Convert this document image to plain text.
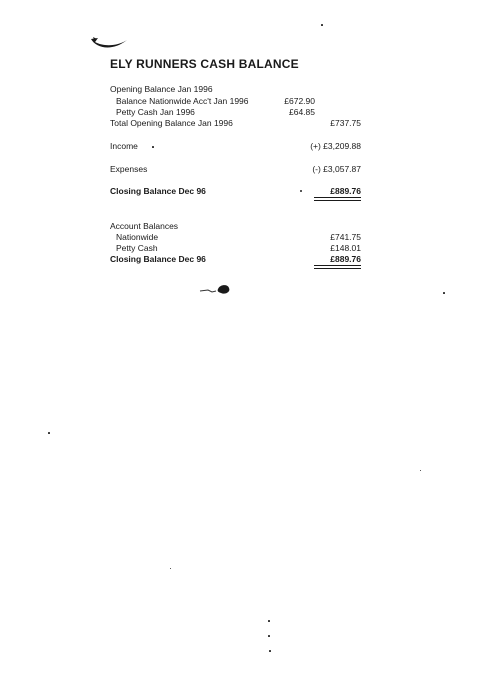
ELY RUNNERS CASH BALANCE
Opening Balance Jan 1996
Balance Nationwide Acc't Jan 1996	£672.90
Petty Cash Jan 1996	£64.85
Total Opening Balance Jan 1996	£737.75
Income	(+) £3,209.88
Expenses	(-) £3,057.87
Closing Balance Dec 96	£889.76
Account Balances
Nationwide	£741.75
Petty Cash	£148.01
Closing Balance Dec 96	£889.76
